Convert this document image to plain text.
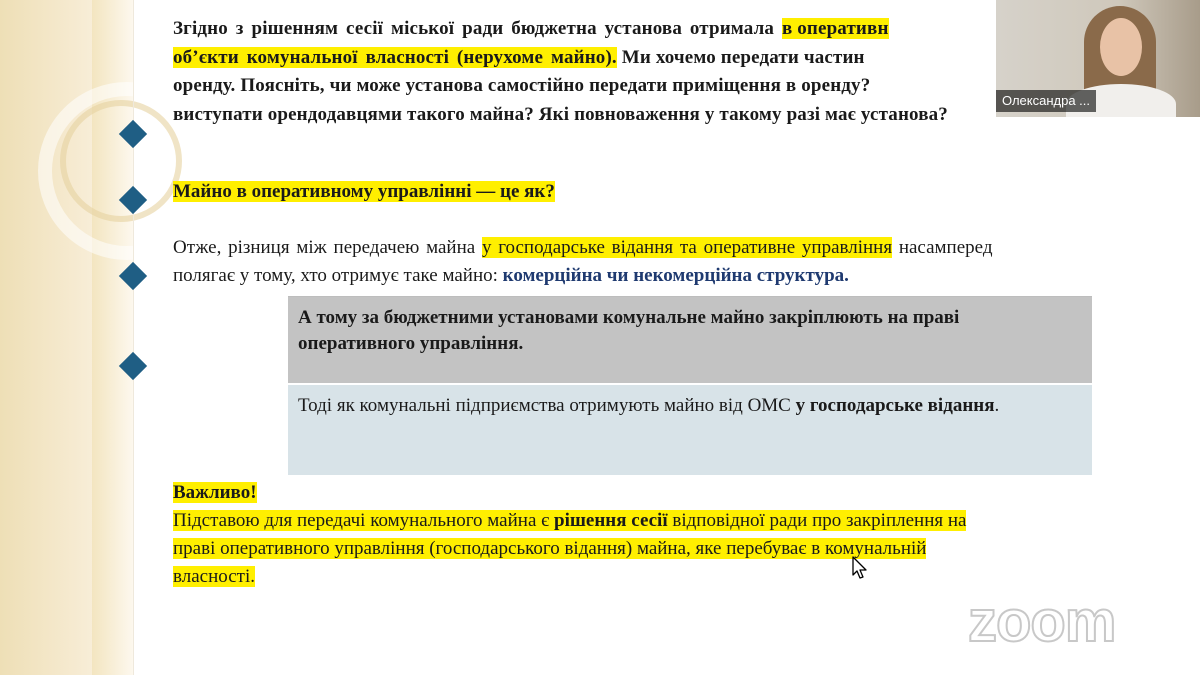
Згідно з рішенням сесії міської ради бюджетна установа отримала в оперативн
об’єкти комунальної власності (нерухоме майно). Ми хочемо передати частин
оренду. Поясніть, чи може установа самостійно передати приміщення в оренду?
виступати орендодавцями такого майна? Які повноваження у такому разі має установа?
Майно в оперативному управлінні — це як?
Отже, різниця між передачею майна у господарське відання та оперативне управління насамперед
полягає у тому, хто отримує таке майно: комерційна чи некомерційна структура.
А тому за бюджетними установами комунальне майно закріплюють на праві оперативного управління.
Тоді як комунальні підприємства отримують майно від ОМС у господарське відання.
Важливо!
Підставою для передачі комунального майна є рішення сесії відповідної ради про закріплення на
праві оперативного управління (господарського відання) майна, яке перебуває в комунальній
власності.
Олександра ...
zoom
